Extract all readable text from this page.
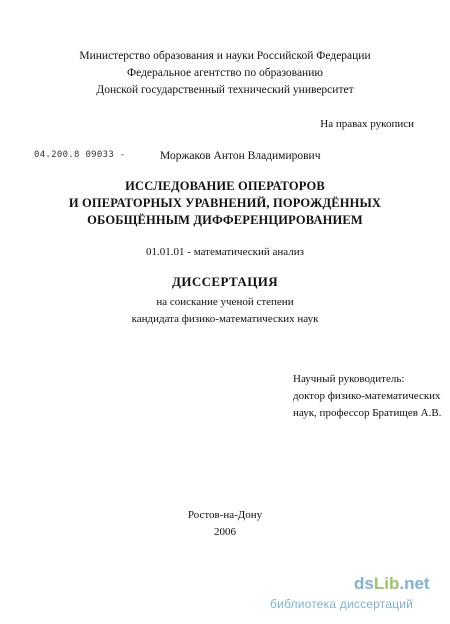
Министерство образования и науки Российской Федерации
Федеральное агентство по образованию
Донской государственный технический университет
На правах рукописи
04.200.8 09033 -	Моржаков Антон Владимирович
ИССЛЕДОВАНИЕ ОПЕРАТОРОВ
И ОПЕРАТОРНЫХ УРАВНЕНИЙ, ПОРОЖДЁННЫХ
ОБОБЩЁННЫМ ДИФФЕРЕНЦИРОВАНИЕМ
01.01.01 - математический анализ
ДИССЕРТАЦИЯ
на соискание ученой степени
кандидата физико-математических наук
Научный руководитель:
доктор физико-математических
наук, профессор Братищев А.В.
Ростов-на-Дону
2006
dsLib.net
библиотека диссертаций
